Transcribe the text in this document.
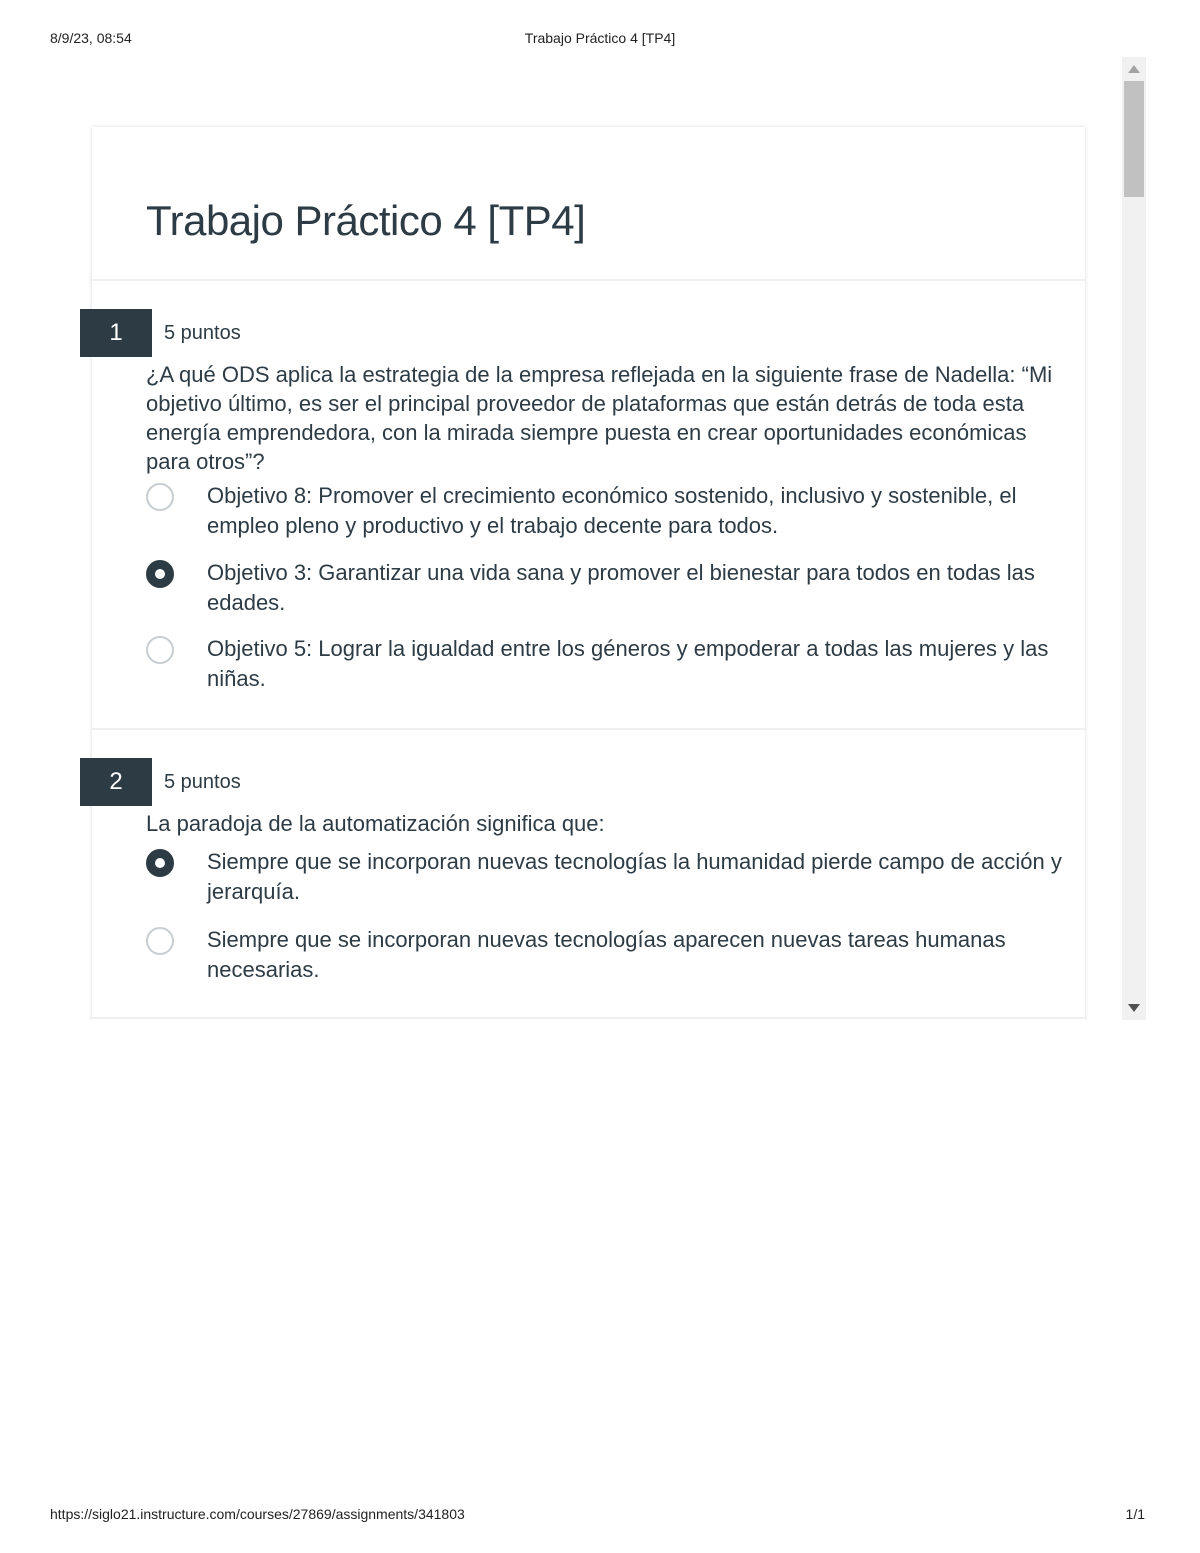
8/9/23, 08:54	Trabajo Práctico 4 [TP4]
Trabajo Práctico 4 [TP4]
1	5 puntos
¿A qué ODS aplica la estrategia de la empresa reflejada en la siguiente frase de Nadella: “Mi objetivo último, es ser el principal proveedor de plataformas que están detrás de toda esta energía emprendedora, con la mirada siempre puesta en crear oportunidades económicas para otros”?
Objetivo 8: Promover el crecimiento económico sostenido, inclusivo y sostenible, el empleo pleno y productivo y el trabajo decente para todos.
Objetivo 3: Garantizar una vida sana y promover el bienestar para todos en todas las edades.
Objetivo 5: Lograr la igualdad entre los géneros y empoderar a todas las mujeres y las niñas.
2	5 puntos
La paradoja de la automatización significa que:
Siempre que se incorporan nuevas tecnologías la humanidad pierde campo de acción y jerarquía.
Siempre que se incorporan nuevas tecnologías aparecen nuevas tareas humanas necesarias.
https://siglo21.instructure.com/courses/27869/assignments/341803	1/1
